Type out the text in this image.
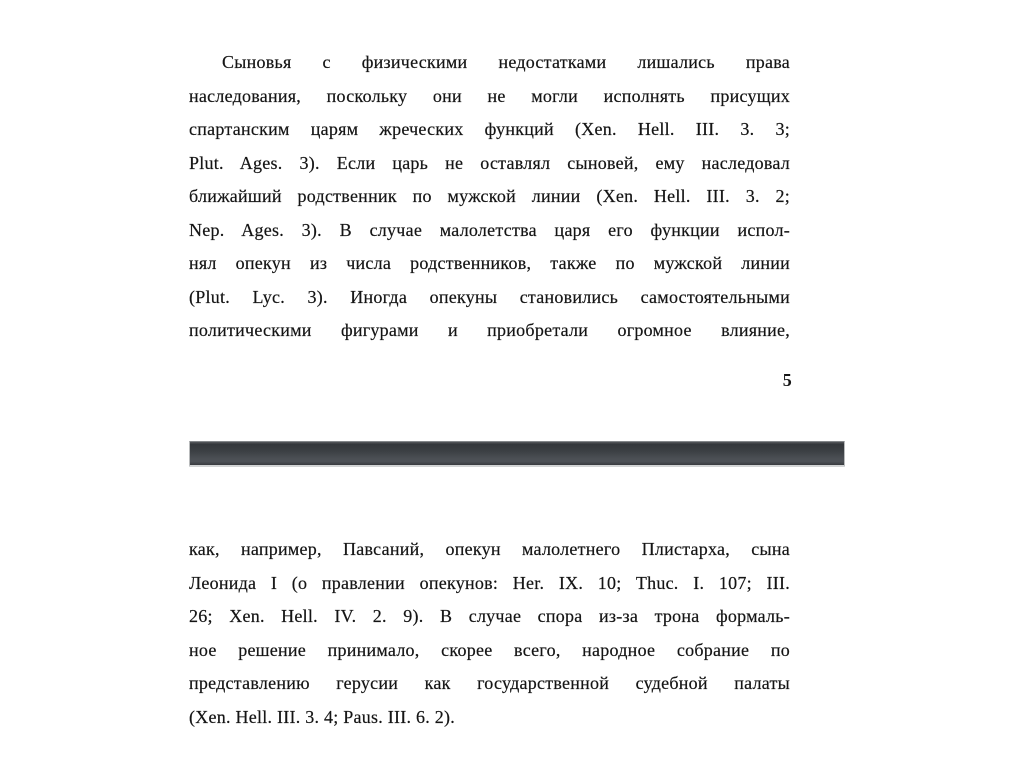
Сыновья с физическими недостатками лишались права
наследования, поскольку они не могли исполнять присущих
спартанским царям жреческих функций (Xen. Hell. III. 3. 3;
Plut. Ages. 3). Если царь не оставлял сыновей, ему наследовал
ближайший родственник по мужской линии (Xen. Hell. III. 3. 2;
Nep. Ages. 3). В случае малолетства царя его функции испол-
нял опекун из числа родственников, также по мужской линии
(Plut. Lyc. 3). Иногда опекуны становились самостоятельными
политическими фигурами и приобретали огромное влияние,
5
как, например, Павсаний, опекун малолетнего Плистарха, сына
Леонида I (о правлении опекунов: Her. IX. 10; Thuc. I. 107; III.
26; Xen. Hell. IV. 2. 9). В случае спора из-за трона формаль-
ное решение принимало, скорее всего, народное собрание по
представлению герусии как государственной судебной палаты
(Xen. Hell. III. 3. 4; Paus. III. 6. 2).
